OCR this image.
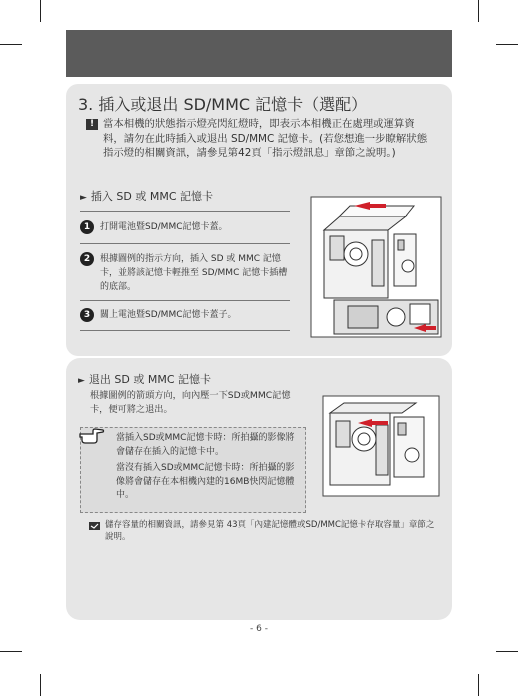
3. 插入或退出 SD/MMC 記憶卡（選配）
! 當本相機的狀態指示燈亮閃紅燈時，即表示本相機正在處理或運算資料，請勿在此時插入或退出 SD/MMC 記憶卡。(若您想進一步瞭解狀態指示燈的相關資訊，請參見第42頁「指示燈訊息」章節之說明。)
► 插入 SD 或 MMC 記憶卡
1	打開電池暨SD/MMC記憶卡蓋。
2	根據圖例的指示方向，插入 SD 或 MMC 記憶卡，並將該記憶卡輕推至 SD/MMC 記憶卡插槽的底部。
3	關上電池暨SD/MMC記憶卡蓋子。
► 退出 SD 或 MMC 記憶卡
根據圖例的箭頭方向，向內壓一下SD或MMC記憶卡，便可將之退出。
當插入SD或MMC記憶卡時：所拍攝的影像將會儲存在插入的記憶卡中。
當沒有插入SD或MMC記憶卡時：所拍攝的影像將會儲存在本相機內建的16MB快閃記憶體中。
儲存容量的相關資訊，請參見第 43頁「內建記憶體或SD/MMC記憶卡存取容量」章節之說明。
- 6 -
